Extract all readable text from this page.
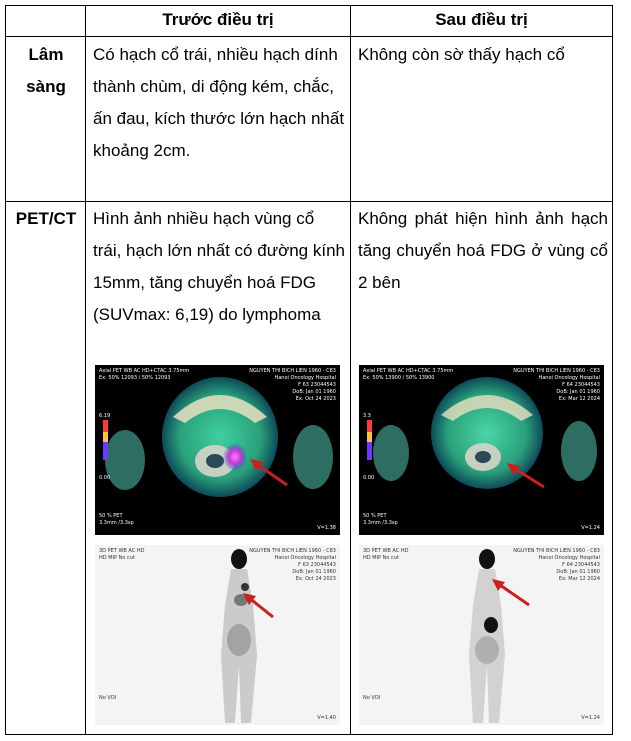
Trước điều trị	Sau điều trị
Lâm sàng
Có hạch cổ trái, nhiều hạch dính thành chùm, di động kém, chắc, ấn đau, kích thước lớn hạch nhất khoảng 2cm.
Không còn sờ thấy hạch cổ
PET/CT Hình ảnh nhiều hạch vùng cổ trái, hạch lớn nhất có đường kính 15mm, tăng chuyển hoá FDG (SUVmax: 6,19) do lymphoma
Không phát hiện hình ảnh hạch tăng chuyển hoá FDG ở vùng cổ 2 bên
Axial PET WB AC HD+CTAC 3.75mm
Ex: 50% 12093 / 50% 12093
NGUYEN THI BICH LIEN 1960 - C83
Hanoi Oncology Hospital
F 63 23044543
DoB: Jan 01 1960
Ex: Oct 24 2023
6.19
0.00
50 % PET
3.3mm /3.3sp
V=1.38
Axial PET WB AC HD+CTAC 3.75mm
Ex: 50% 13900 / 50% 13900
NGUYEN THI BICH LIEN 1960 - C83
Hanoi Oncology Hospital
F 64 23044543
DoB: Jan 01 1960
Ex: Mar 12 2024
3.3
0.00
50 % PET
3.3mm /3.3sp
V=1.24
3D PET WB AC HD
HD MIP No cut
NGUYEN THI BICH LIEN 1960 - C83
Hanoi Oncology Hospital
F 63 23044543
DoB: Jan 01 1960
Ex: Oct 24 2023
No VOI
V=1.40
3D PET WB AC HD
HD MIP No cut
NGUYEN THI BICH LIEN 1960 - C83
Hanoi Oncology Hospital
F 64 23044543
DoB: Jan 01 1960
Ex: Mar 12 2024
No VOI
V=1.24
